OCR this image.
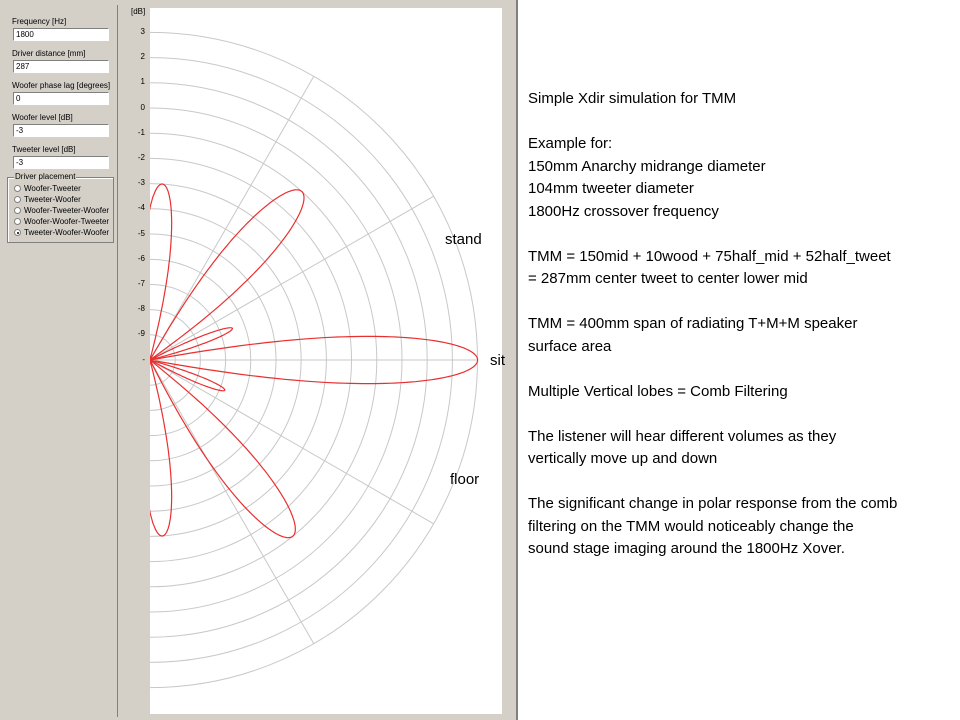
Frequency [Hz]
1800
Driver distance [mm]
287
Woofer phase lag [degrees]
0
Woofer level [dB]
-3
Tweeter level [dB]
-3
Driver placement
Woofer-Tweeter
Tweeter-Woofer
Woofer-Tweeter-Woofer
Woofer-Woofer-Tweeter
Tweeter-Woofer-Woofer
[dB]
3
2
1
0
-1
-2
-3
-4
-5
-6
-7
-8
-9
-
stand
sit
floor
Simple Xdir simulation for TMM
Example for:
150mm Anarchy midrange diameter
104mm tweeter diameter
1800Hz crossover frequency
TMM = 150mid + 10wood + 75half_mid + 52half_tweet
= 287mm center tweet to center lower mid
TMM = 400mm span of radiating T+M+M speaker
surface area
Multiple Vertical lobes = Comb Filtering
The listener will hear different volumes as they
vertically move up and down
The significant change in polar response from the comb
filtering on the TMM would noticeably change the
sound stage imaging around the 1800Hz Xover.
